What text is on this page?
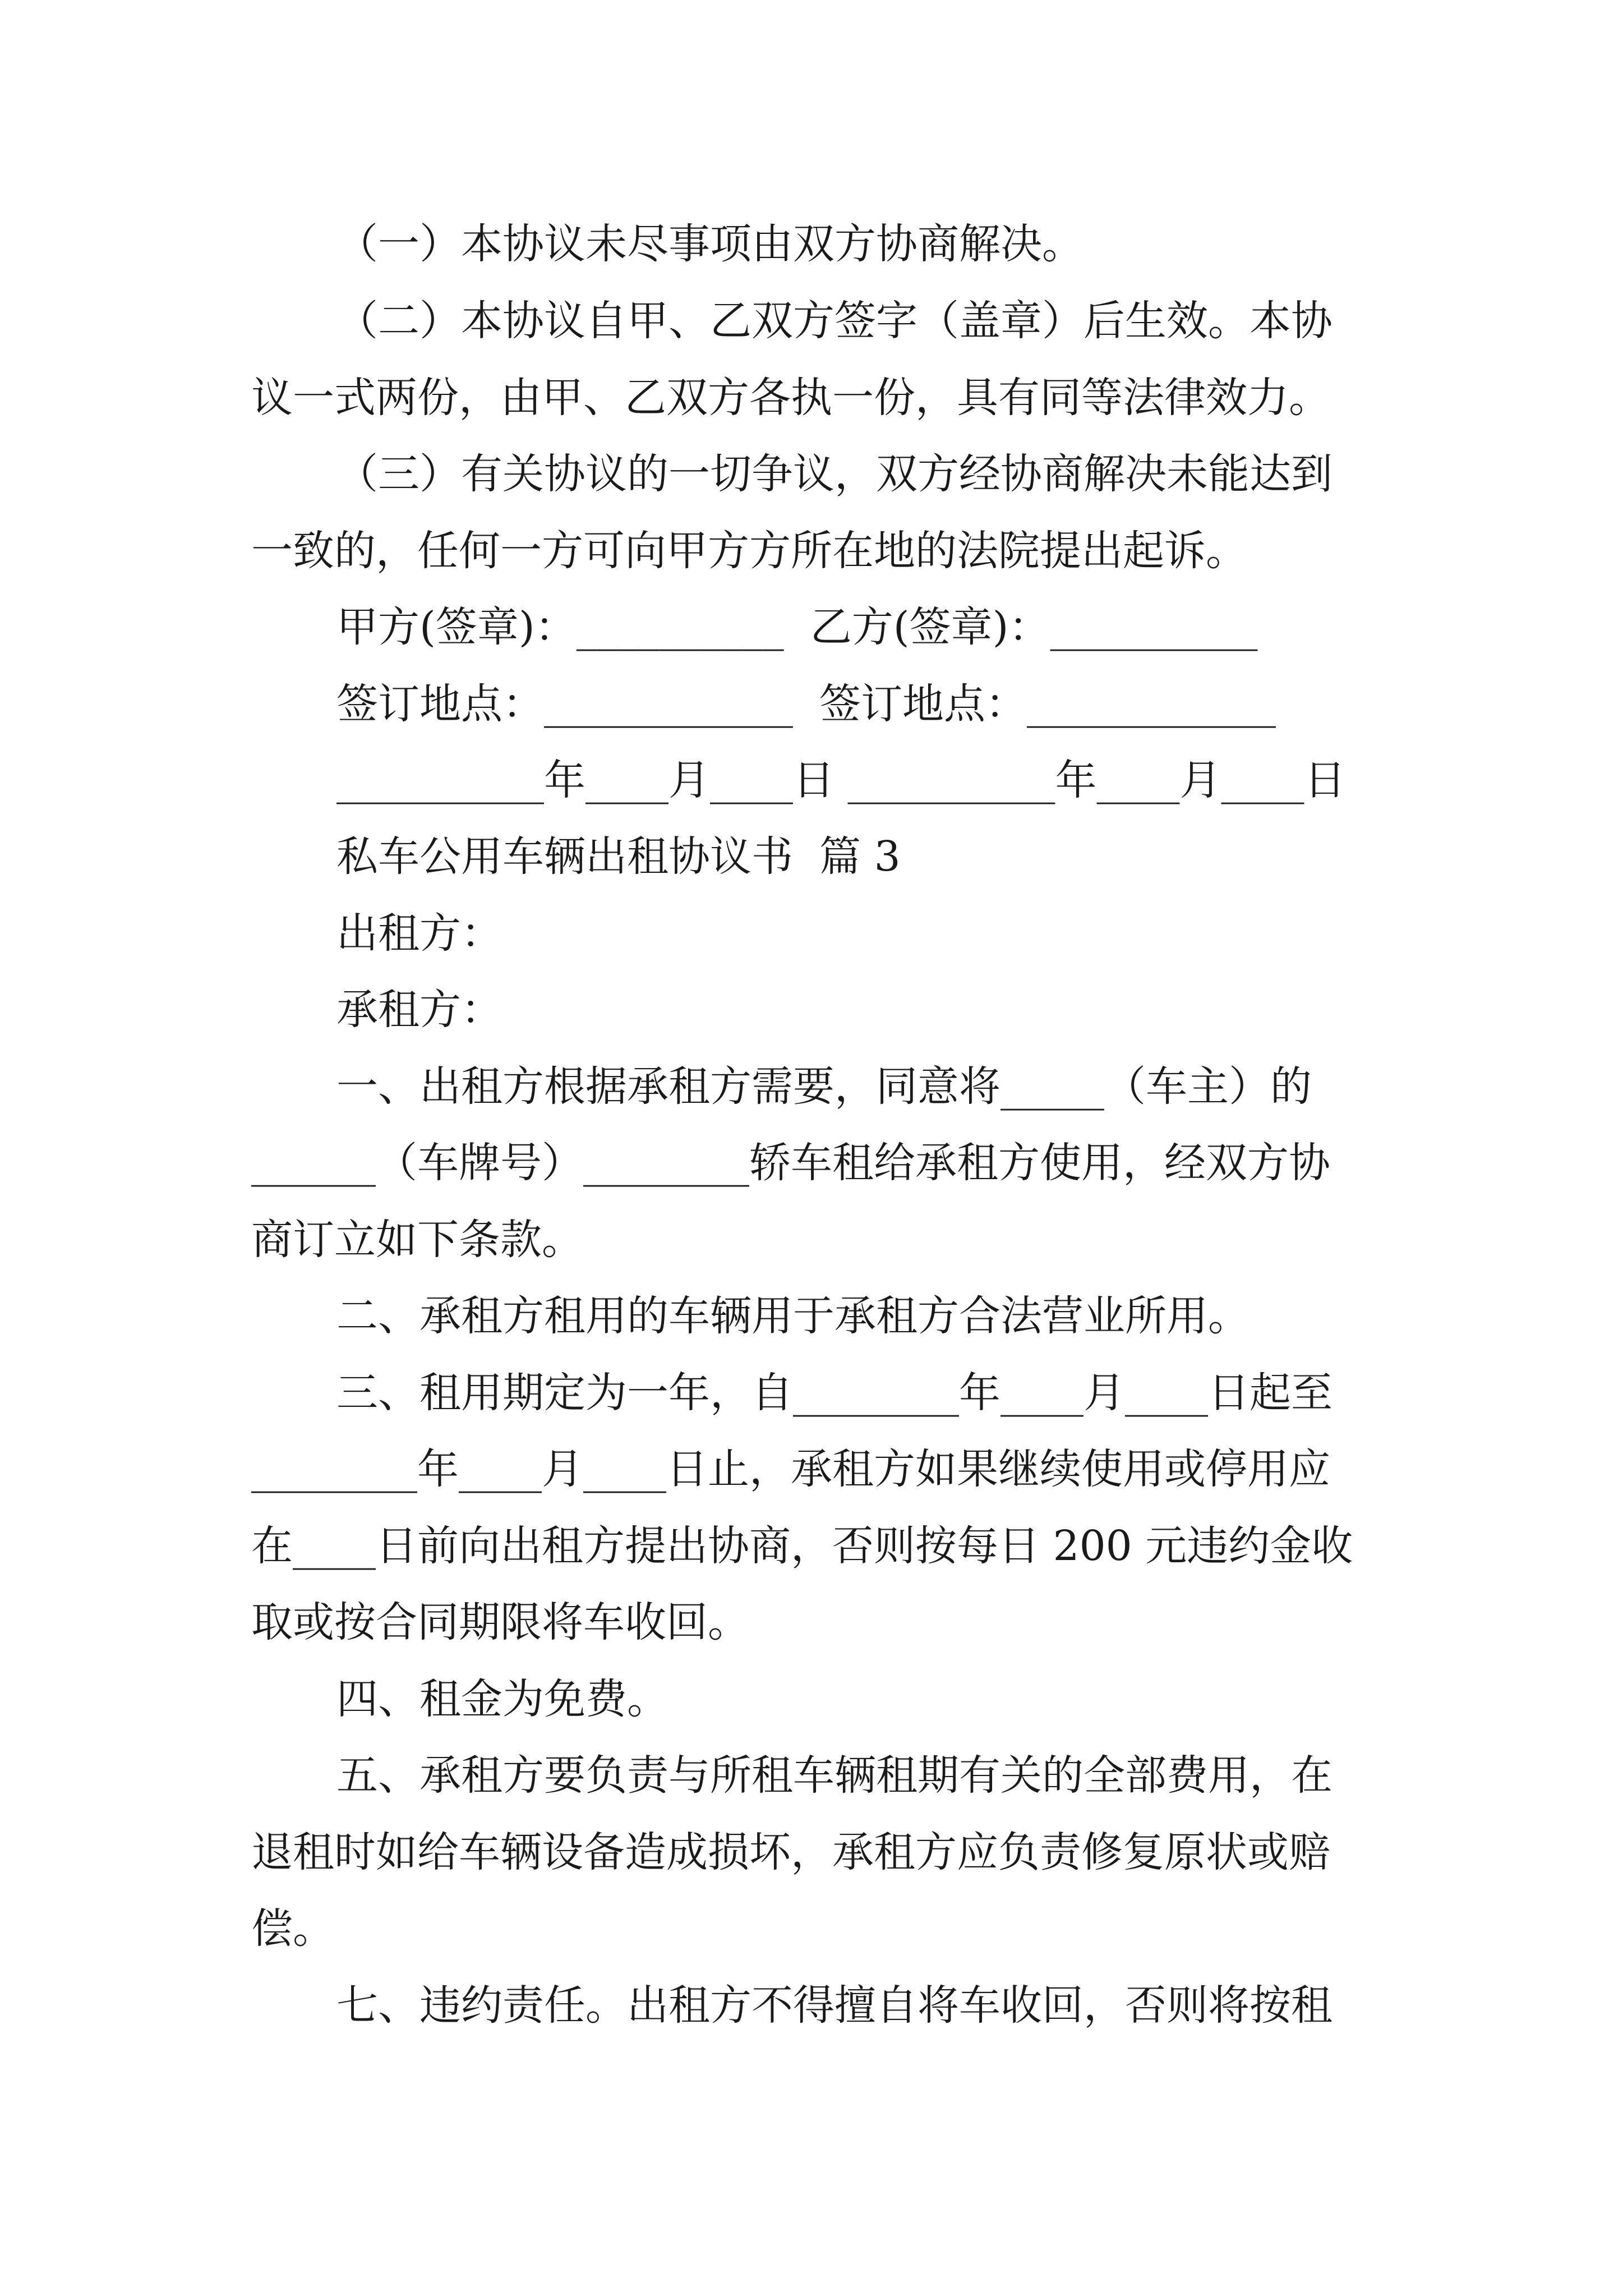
（一）本协议未尽事项由双方协商解决。
（二）本协议自甲、乙双方签字（盖章）后生效。本协
议一式两份，由甲、乙双方各执一份，具有同等法律效力。
（三）有关协议的一切争议，双方经协商解决未能达到
一致的，任何一方可向甲方方所在地的法院提出起诉。
甲方(签章)：__________  乙方(签章)：__________
签订地点：____________  签订地点：____________
__________年____月____日 __________年____月____日
私车公用车辆出租协议书  篇 3
出租方：
承租方：
一、出租方根据承租方需要，同意将_____（车主）的
______（车牌号）________轿车租给承租方使用，经双方协
商订立如下条款。
二、承租方租用的车辆用于承租方合法营业所用。
三、租用期定为一年，自________年____月____日起至
________年____月____日止，承租方如果继续使用或停用应
在____日前向出租方提出协商，否则按每日 200 元违约金收
取或按合同期限将车收回。
四、租金为免费。
五、承租方要负责与所租车辆租期有关的全部费用，在
退租时如给车辆设备造成损坏，承租方应负责修复原状或赔
偿。
七、违约责任。出租方不得擅自将车收回，否则将按租
